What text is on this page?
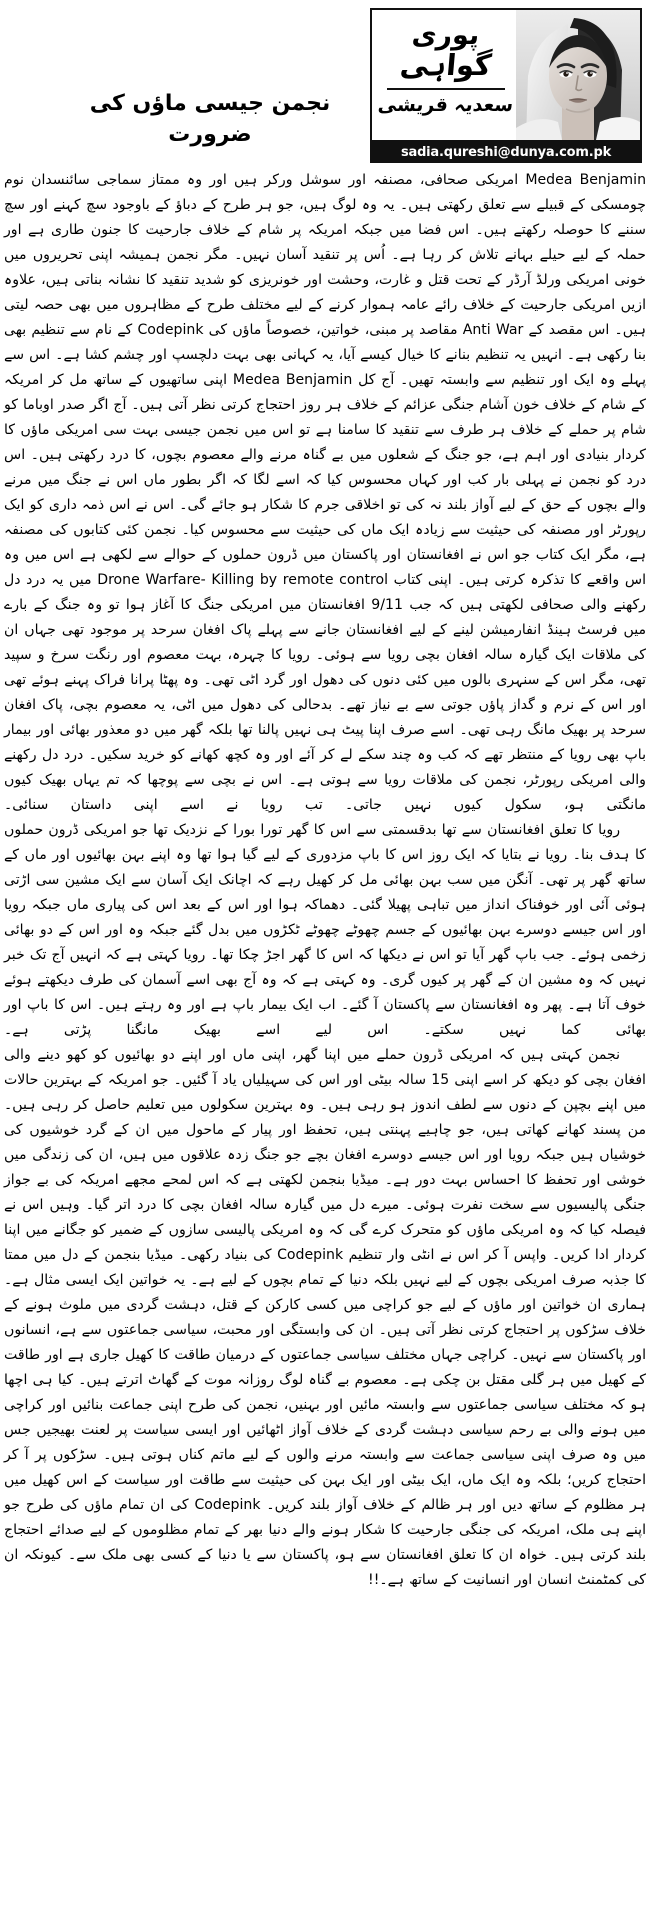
پوری
گواہی
سعدیہ قریشی
sadia.qureshi@dunya.com.pk
نجمن جیسی ماؤں کی ضرورت

Medea Benjamin امریکی صحافی، مصنفہ اور سوشل ورکر ہیں اور وہ ممتاز سماجی سائنسدان نوم چومسکی کے قبیلے سے تعلق رکھتی ہیں۔ یہ وہ لوگ ہیں، جو ہر طرح کے دباؤ کے باوجود سچ کہنے اور سچ سننے کا حوصلہ رکھتے ہیں۔ اس فضا میں جبکہ امریکہ پر شام کے خلاف جارحیت کا جنون طاری ہے اور حملہ کے لیے حیلے بہانے تلاش کر رہا ہے۔ اُس پر تنقید آسان نہیں۔ مگر نجمن ہمیشہ اپنی تحریروں میں خونی امریکی ورلڈ آرڈر کے تحت قتل و غارت، وحشت اور خونریزی کو شدید تنقید کا نشانہ بناتی ہیں، علاوہ ازیں امریکی جارحیت کے خلاف رائے عامہ ہموار کرنے کے لیے مختلف طرح کے مظاہروں میں بھی حصہ لیتی ہیں۔ اس مقصد کے Anti War مقاصد پر مبنی، خواتین، خصوصاً ماؤں کی Codepink کے نام سے تنظیم بھی بنا رکھی ہے۔ انہیں یہ تنظیم بنانے کا خیال کیسے آیا، یہ کہانی بھی بہت دلچسپ اور چشم کشا ہے۔ اس سے پہلے وہ ایک اور تنظیم سے وابستہ تھیں۔ آج کل Medea Benjamin اپنی ساتھیوں کے ساتھ مل کر امریکہ کے شام کے خلاف خون آشام جنگی عزائم کے خلاف ہر روز احتجاج کرتی نظر آتی ہیں۔ آج اگر صدر اوباما کو شام پر حملے کے خلاف ہر طرف سے تنقید کا سامنا ہے تو اس میں نجمن جیسی بہت سی امریکی ماؤں کا کردار بنیادی اور اہم ہے، جو جنگ کے شعلوں میں بے گناہ مرنے والے معصوم بچوں، کا درد رکھتی ہیں۔ اس درد کو نجمن نے پہلی بار کب اور کہاں محسوس کیا کہ اسے لگا کہ اگر بطور ماں اس نے جنگ میں مرنے والے بچوں کے حق کے لیے آواز بلند نہ کی تو اخلاقی جرم کا شکار ہو جائے گی۔ اس نے اس ذمہ داری کو ایک رپورٹر اور مصنفہ کی حیثیت سے زیادہ ایک ماں کی حیثیت سے محسوس کیا۔ نجمن کئی کتابوں کی مصنفہ ہے، مگر ایک کتاب جو اس نے افغانستان اور پاکستان میں ڈرون حملوں کے حوالے سے لکھی ہے اس میں وہ اس واقعے کا تذکرہ کرتی ہیں۔ اپنی کتاب Drone Warfare- Killing by remote control میں یہ درد دل رکھنے والی صحافی لکھتی ہیں کہ جب 9/11 افغانستان میں امریکی جنگ کا آغاز ہوا تو وہ جنگ کے بارے میں فرسٹ ہینڈ انفارمیشن لینے کے لیے افغانستان جانے سے پہلے پاک افغان سرحد پر موجود تھی جہاں ان کی ملاقات ایک گیارہ سالہ افغان بچی رویا سے ہوئی۔ رویا کا چہرہ، بہت معصوم اور رنگت سرخ و سپید تھی، مگر اس کے سنہری بالوں میں کئی دنوں کی دھول اور گرد اٹی تھی۔ وہ پھٹا پرانا فراک پہنے ہوئے تھی اور اس کے نرم و گداز پاؤں جوتی سے بے نیاز تھے۔ بدحالی کی دھول میں اٹی، یہ معصوم بچی، پاک افغان سرحد پر بھیک مانگ رہی تھی۔ اسے صرف اپنا پیٹ ہی نہیں پالنا تھا بلکہ گھر میں دو معذور بھائی اور بیمار باپ بھی رویا کے منتظر تھے کہ کب وہ چند سکے لے کر آئے اور وہ کچھ کھانے کو خرید سکیں۔ درد دل رکھنے والی امریکی رپورٹر، نجمن کی ملاقات رویا سے ہوتی ہے۔ اس نے بچی سے پوچھا کہ تم یہاں بھیک کیوں مانگتی ہو، سکول کیوں نہیں جاتی۔ تب رویا نے اسے اپنی داستان سنائی۔

رویا کا تعلق افغانستان سے تھا بدقسمتی سے اس کا گھر تورا بورا کے نزدیک تھا جو امریکی ڈرون حملوں کا ہدف بنا۔ رویا نے بتایا کہ ایک روز اس کا باپ مزدوری کے لیے گیا ہوا تھا وہ اپنے بہن بھائیوں اور ماں کے ساتھ گھر پر تھی۔ آنگن میں سب بہن بھائی مل کر کھیل رہے کہ اچانک ایک آسان سے ایک مشین سی اڑتی ہوئی آئی اور خوفناک انداز میں تباہی پھیلا گئی۔ دھماکہ ہوا اور اس کے بعد اس کی پیاری ماں جبکہ رویا اور اس جیسے دوسرے بہن بھائیوں کے جسم چھوٹے چھوٹے ٹکڑوں میں بدل گئے جبکہ وہ اور اس کے دو بھائی زخمی ہوئے۔ جب باپ گھر آیا تو اس نے دیکھا کہ اس کا گھر اجڑ چکا تھا۔ رویا کہتی ہے کہ انہیں آج تک خبر نہیں کہ وہ مشین ان کے گھر پر کیوں گری۔ وہ کہتی ہے کہ وہ آج بھی اسے آسمان کی طرف دیکھتے ہوئے خوف آتا ہے۔ پھر وہ افغانستان سے پاکستان آ گئے۔ اب ایک بیمار باپ ہے اور وہ رہتے ہیں۔ اس کا باپ اور بھائی کما نہیں سکتے۔ اس لیے اسے بھیک مانگنا پڑتی ہے۔

نجمن کہتی ہیں کہ امریکی ڈرون حملے میں اپنا گھر، اپنی ماں اور اپنے دو بھائیوں کو کھو دینے والی افغان بچی کو دیکھ کر اسے اپنی 15 سالہ بیٹی اور اس کی سہیلیاں یاد آ گئیں۔ جو امریکہ کے بہترین حالات میں اپنے بچپن کے دنوں سے لطف اندوز ہو رہی ہیں۔ وہ بہترین سکولوں میں تعلیم حاصل کر رہی ہیں۔ من پسند کھانے کھاتی ہیں، جو چاہیے پہنتی ہیں، تحفظ اور پیار کے ماحول میں ان کے گرد خوشیوں کی خوشیاں ہیں جبکہ رویا اور اس جیسے دوسرے افغان بچے جو جنگ زدہ علاقوں میں ہیں، ان کی زندگی میں خوشی اور تحفظ کا احساس بہت دور ہے۔ میڈیا بنجمن لکھتی ہے کہ اس لمحے مجھے امریکہ کی بے جواز جنگی پالیسیوں سے سخت نفرت ہوئی۔ میرے دل میں گیارہ سالہ افغان بچی کا درد اتر گیا۔ وہیں اس نے فیصلہ کیا کہ وہ امریکی ماؤں کو متحرک کرے گی کہ وہ امریکی پالیسی سازوں کے ضمیر کو جگانے میں اپنا کردار ادا کریں۔ واپس آ کر اس نے انٹی وار تنظیم Codepink کی بنیاد رکھی۔ میڈیا بنجمن کے دل میں ممتا کا جذبہ صرف امریکی بچوں کے لیے نہیں بلکہ دنیا کے تمام بچوں کے لیے ہے۔ یہ خواتین ایک ایسی مثال ہے۔ ہماری ان خواتین اور ماؤں کے لیے جو کراچی میں کسی کارکن کے قتل، دہشت گردی میں ملوث ہونے کے خلاف سڑکوں پر احتجاج کرتی نظر آتی ہیں۔ ان کی وابستگی اور محبت، سیاسی جماعتوں سے ہے، انسانوں اور پاکستان سے نہیں۔ کراچی جہاں مختلف سیاسی جماعتوں کے درمیان طاقت کا کھیل جاری ہے اور طاقت کے کھیل میں ہر گلی مقتل بن چکی ہے۔ معصوم بے گناہ لوگ روزانہ موت کے گھاٹ اترتے ہیں۔ کیا ہی اچھا ہو کہ مختلف سیاسی جماعتوں سے وابستہ مائیں اور بہنیں، نجمن کی طرح اپنی جماعت بنائیں اور کراچی میں ہونے والی بے رحم سیاسی دہشت گردی کے خلاف آواز اٹھائیں اور ایسی سیاست پر لعنت بھیجیں جس میں وہ صرف اپنی سیاسی جماعت سے وابستہ مرنے والوں کے لیے ماتم کناں ہوتی ہیں۔ سڑکوں پر آ کر احتجاج کریں؛ بلکہ وہ ایک ماں، ایک بیٹی اور ایک بہن کی حیثیت سے طاقت اور سیاست کے اس کھیل میں ہر مظلوم کے ساتھ دیں اور ہر ظالم کے خلاف آواز بلند کریں۔ Codepink کی ان تمام ماؤں کی طرح جو اپنے ہی ملک، امریکہ کی جنگی جارحیت کا شکار ہونے والے دنیا بھر کے تمام مظلوموں کے لیے صدائے احتجاج بلند کرتی ہیں۔ خواہ ان کا تعلق افغانستان سے ہو، پاکستان سے یا دنیا کے کسی بھی ملک سے۔ کیونکہ ان کی کمٹمنٹ انسان اور انسانیت کے ساتھ ہے۔!!
